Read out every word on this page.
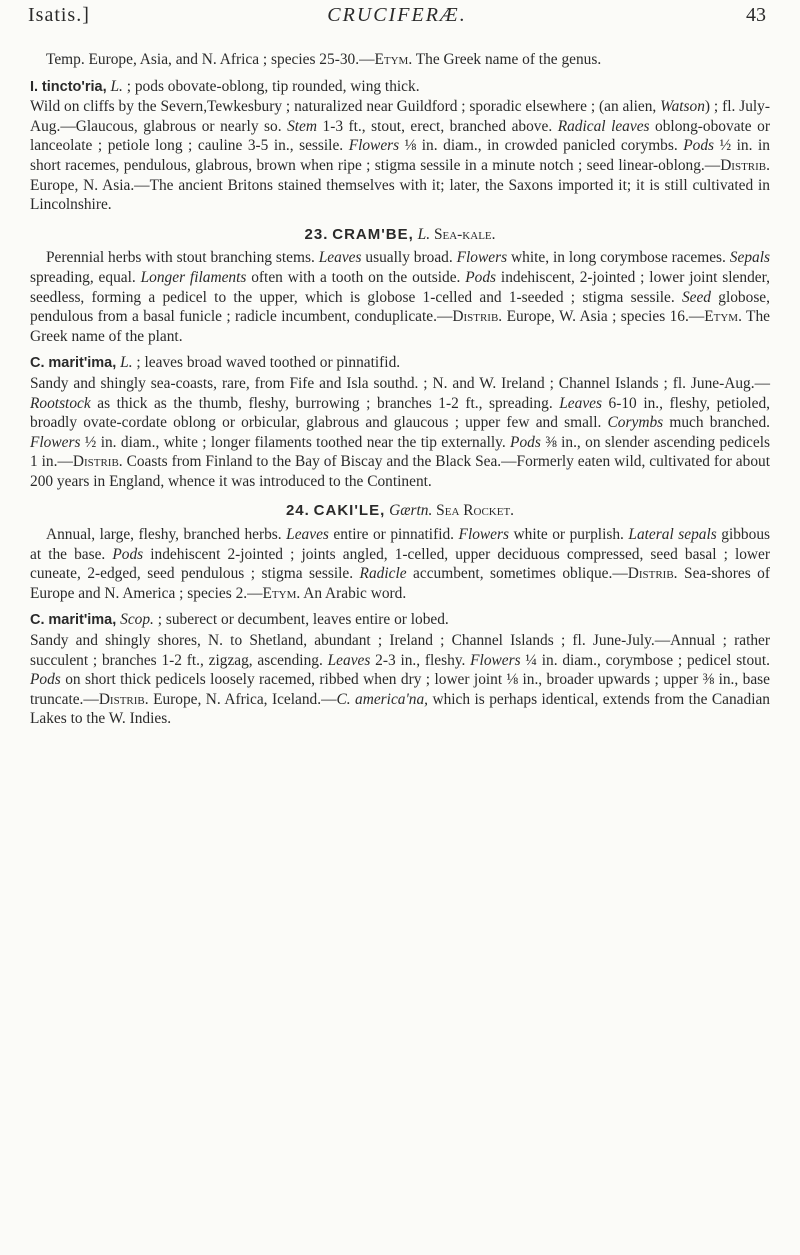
CRUCIFERÆ.
Isatis.]	43

Temp. Europe, Asia, and N. Africa ; species 25-30.—Etym. The Greek name of the genus.

I. tincto'ria, L. ; pods obovate-oblong, tip rounded, wing thick.

Wild on cliffs by the Severn,Tewkesbury ; naturalized near Guildford ; sporadic elsewhere ; (an alien, Watson) ; fl. July-Aug.—Glaucous, glabrous or nearly so. Stem 1-3 ft., stout, erect, branched above. Radical leaves oblong-obovate or lanceolate ; petiole long ; cauline 3-5 in., sessile. Flowers ⅛ in. diam., in crowded panicled corymbs. Pods ½ in. in short racemes, pendulous, glabrous, brown when ripe ; stigma sessile in a minute notch ; seed linear-oblong.—Distrib. Europe, N. Asia.—The ancient Britons stained themselves with it; later, the Saxons imported it; it is still cultivated in Lincolnshire.

23. CRAM'BE, L. Sea-kale.

Perennial herbs with stout branching stems. Leaves usually broad. Flowers white, in long corymbose racemes. Sepals spreading, equal. Longer filaments often with a tooth on the outside. Pods indehiscent, 2-jointed ; lower joint slender, seedless, forming a pedicel to the upper, which is globose 1-celled and 1-seeded ; stigma sessile. Seed globose, pendulous from a basal funicle ; radicle incumbent, conduplicate.—Distrib. Europe, W. Asia ; species 16.—Etym. The Greek name of the plant.

C. marit'ima, L. ; leaves broad waved toothed or pinnatifid.

Sandy and shingly sea-coasts, rare, from Fife and Isla southd. ; N. and W. Ireland ; Channel Islands ; fl. June-Aug.—Rootstock as thick as the thumb, fleshy, burrowing ; branches 1-2 ft., spreading. Leaves 6-10 in., fleshy, petioled, broadly ovate-cordate oblong or orbicular, glabrous and glaucous ; upper few and small. Corymbs much branched. Flowers ½ in. diam., white ; longer filaments toothed near the tip externally. Pods ⅜ in., on slender ascending pedicels 1 in.—Distrib. Coasts from Finland to the Bay of Biscay and the Black Sea.—Formerly eaten wild, cultivated for about 200 years in England, whence it was introduced to the Continent.

24. CAKI'LE, Gærtn. Sea Rocket.

Annual, large, fleshy, branched herbs. Leaves entire or pinnatifid. Flowers white or purplish. Lateral sepals gibbous at the base. Pods indehiscent 2-jointed ; joints angled, 1-celled, upper deciduous compressed, seed basal ; lower cuneate, 2-edged, seed pendulous ; stigma sessile. Radicle accumbent, sometimes oblique.—Distrib. Sea-shores of Europe and N. America ; species 2.—Etym. An Arabic word.

C. marit'ima, Scop. ; suberect or decumbent, leaves entire or lobed.

Sandy and shingly shores, N. to Shetland, abundant ; Ireland ; Channel Islands ; fl. June-July.—Annual ; rather succulent ; branches 1-2 ft., zigzag, ascending. Leaves 2-3 in., fleshy. Flowers ¼ in. diam., corymbose ; pedicel stout. Pods on short thick pedicels loosely racemed, ribbed when dry ; lower joint ⅛ in., broader upwards ; upper ⅜ in., base truncate.—Distrib. Europe, N. Africa, Iceland.—C. america'na, which is perhaps identical, extends from the Canadian Lakes to the W. Indies.
